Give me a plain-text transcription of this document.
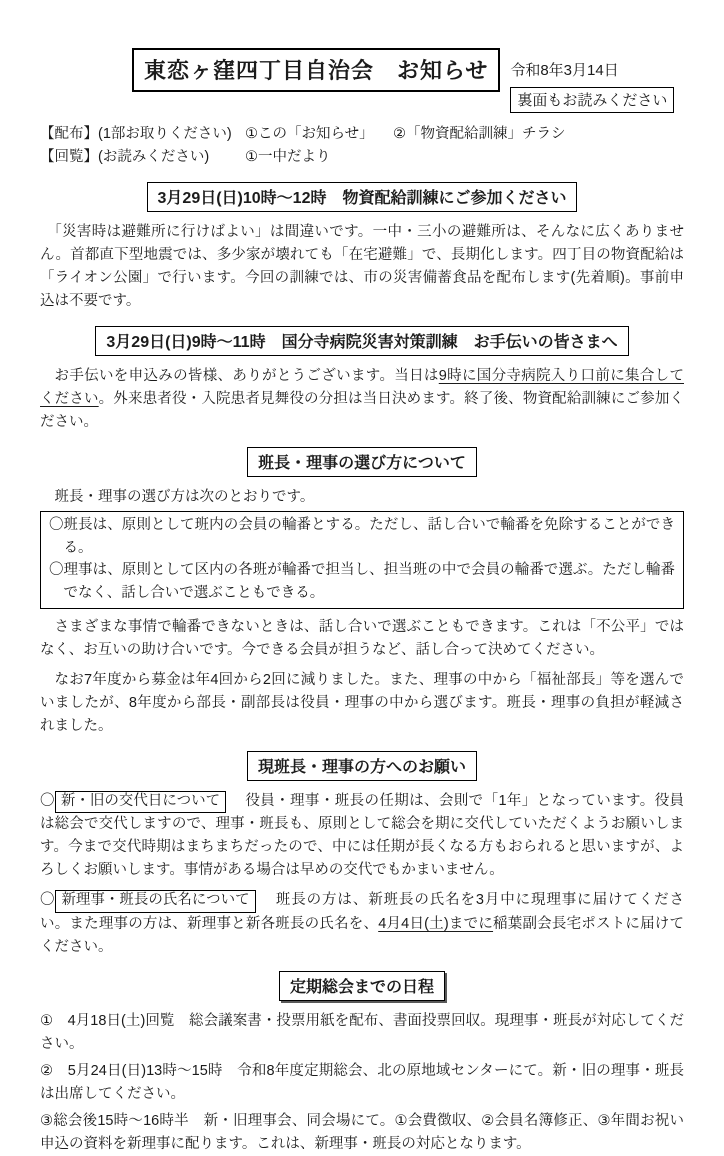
東恋ヶ窪四丁目自治会　お知らせ	令和8年3月14日
裏面もお読みください
【配布】(1部お取りください) ①この「お知らせ」 ②「物資配給訓練」チラシ
【回覧】(お読みください) ①一中だより
3月29日(日)10時〜12時　物資配給訓練にご参加ください

「災害時は避難所に行けばよい」は間違いです。一中・三小の避難所は、そんなに広くありません。首都直下型地震では、多少家が壊れても「在宅避難」で、長期化します。四丁目の物資配給は「ライオン公園」で行います。今回の訓練では、市の災害備蓄食品を配布します(先着順)。事前申込は不要です。

3月29日(日)9時〜11時　国分寺病院災害対策訓練　お手伝いの皆さまへ

お手伝いを申込みの皆様、ありがとうございます。当日は9時に国分寺病院入り口前に集合してください。外来患者役・入院患者見舞役の分担は当日決めます。終了後、物資配給訓練にご参加ください。

班長・理事の選び方について

班長・理事の選び方は次のとおりです。

〇班長は、原則として班内の会員の輪番とする。ただし、話し合いで輪番を免除することができる。
〇理事は、原則として区内の各班が輪番で担当し、担当班の中で会員の輪番で選ぶ。ただし輪番でなく、話し合いで選ぶこともできる。

さまざまな事情で輪番できないときは、話し合いで選ぶこともできます。これは「不公平」ではなく、お互いの助け合いです。今できる会員が担うなど、話し合って決めてください。

なお7年度から募金は年4回から2回に減りました。また、理事の中から「福祉部長」等を選んでいましたが、8年度から部長・副部長は役員・理事の中から選びます。班長・理事の負担が軽減されました。

現班長・理事の方へのお願い
〇 新・旧の交代日について　役員・理事・班長の任期は、会則で「1年」となっています。役員は総会で交代しますので、理事・班長も、原則として総会を期に交代していただくようお願いします。今まで交代時期はまちまちだったので、中には任期が長くなる方もおられると思いますが、よろしくお願いします。事情がある場合は早めの交代でもかまいません。
〇 新理事・班長の氏名について　班長の方は、新班長の氏名を3月中に現理事に届けてください。また理事の方は、新理事と新各班長の氏名を、4月4日(土)までに稲葉副会長宅ポストに届けてください。
定期総会までの日程
①　4月18日(土)回覧　総会議案書・投票用紙を配布、書面投票回収。現理事・班長が対応してください。
②　5月24日(日)13時〜15時　令和8年度定期総会、北の原地域センターにて。新・旧の理事・班長は出席してください。
③総会後15時〜16時半　新・旧理事会、同会場にて。①会費徴収、②会員名簿修正、③年間お祝い申込の資料を新理事に配ります。これは、新理事・班長の対応となります。
